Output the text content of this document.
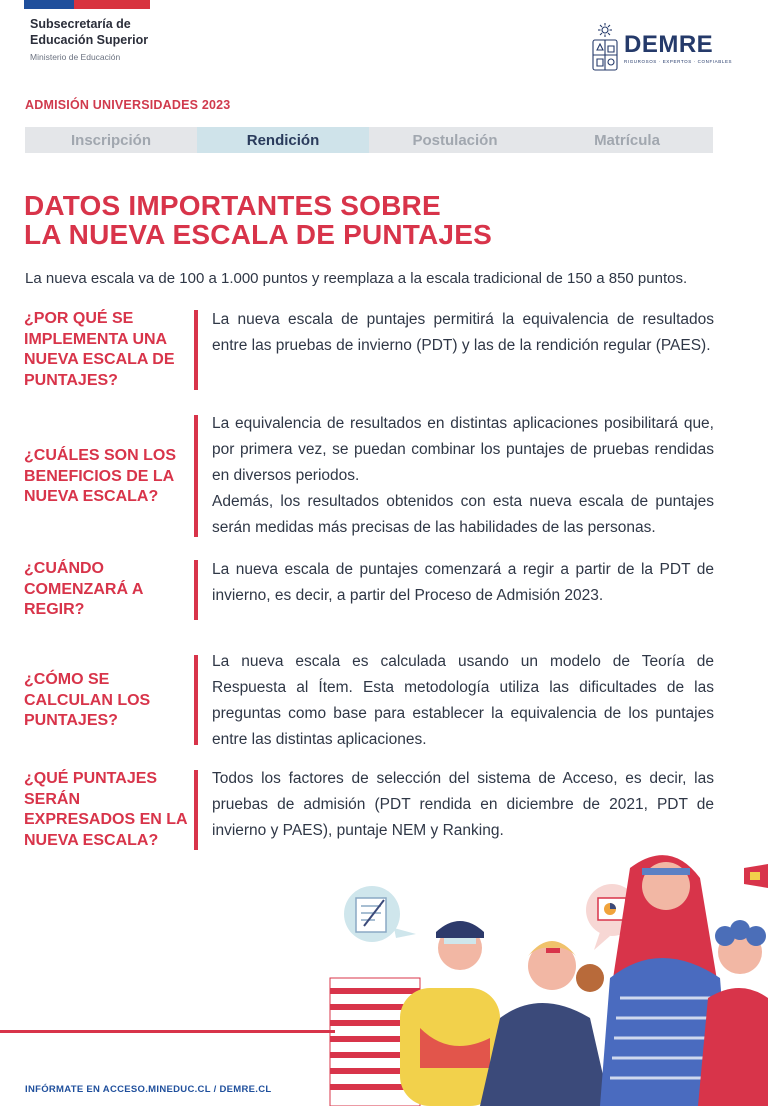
Subsecretaría de
Educación Superior
Ministerio de Educación	DEMRE
RIGUROSOS · EXPERTOS · CONFIABLES
ADMISIÓN UNIVERSIDADES 2023
Inscripción	Rendición	Postulación	Matrícula
DATOS IMPORTANTES SOBRE
LA NUEVA ESCALA DE PUNTAJES
La nueva escala va de 100 a 1.000 puntos y reemplaza a la escala tradicional de 150 a 850 puntos.
¿POR QUÉ SE IMPLEMENTA UNA NUEVA ESCALA DE PUNTAJES?

La nueva escala de puntajes permitirá la equivalencia de resultados entre las pruebas de invierno (PDT) y las de la rendición regular (PAES).

¿CUÁLES SON LOS BENEFICIOS DE LA NUEVA ESCALA?

La equivalencia de resultados en distintas aplicaciones posibilitará que, por primera vez, se puedan combinar los puntajes de pruebas rendidas en diversos periodos.

Además, los resultados obtenidos con esta nueva escala de puntajes serán medidas más precisas de las habilidades de las personas.

¿CUÁNDO COMENZARÁ A REGIR?

La nueva escala de puntajes comenzará a regir a partir de la PDT de invierno, es decir, a partir del Proceso de Admisión 2023.

¿CÓMO SE CALCULAN LOS PUNTAJES?

La nueva escala es calculada usando un modelo de Teoría de Respuesta al Ítem. Esta metodología utiliza las dificultades de las preguntas como base para establecer la equivalencia de los puntajes entre las distintas aplicaciones.

¿QUÉ PUNTAJES SERÁN EXPRESADOS EN LA NUEVA ESCALA?

Todos los factores de selección del sistema de Acceso, es decir, las pruebas de admisión (PDT rendida en diciembre de 2021, PDT de invierno y PAES), puntaje NEM y Ranking.

INFÓRMATE EN ACCESO.MINEDUC.CL / DEMRE.CL
